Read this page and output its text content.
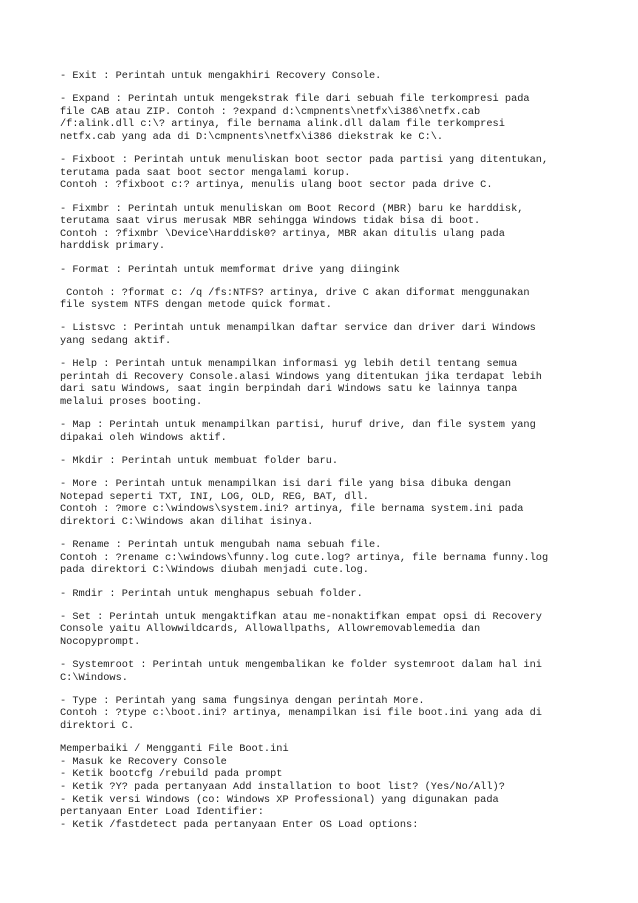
- Exit : Perintah untuk mengakhiri Recovery Console.
- Expand : Perintah untuk mengekstrak file dari sebuah file terkompresi pada
file CAB atau ZIP. Contoh : ?expand d:\cmpnents\netfx\i386\netfx.cab
/f:alink.dll c:\? artinya, file bernama alink.dll dalam file terkompresi
netfx.cab yang ada di D:\cmpnents\netfx\i386 diekstrak ke C:\.
- Fixboot : Perintah untuk menuliskan boot sector pada partisi yang ditentukan,
terutama pada saat boot sector mengalami korup.
Contoh : ?fixboot c:? artinya, menulis ulang boot sector pada drive C.
- Fixmbr : Perintah untuk menuliskan om Boot Record (MBR) baru ke harddisk,
terutama saat virus merusak MBR sehingga Windows tidak bisa di boot.
Contoh : ?fixmbr \Device\Harddisk0? artinya, MBR akan ditulis ulang pada
harddisk primary.
- Format : Perintah untuk memformat drive yang diingink
Contoh : ?format c: /q /fs:NTFS? artinya, drive C akan diformat menggunakan
file system NTFS dengan metode quick format.
- Listsvc : Perintah untuk menampilkan daftar service dan driver dari Windows
yang sedang aktif.
- Help : Perintah untuk menampilkan informasi yg lebih detil tentang semua
perintah di Recovery Console.alasi Windows yang ditentukan jika terdapat lebih
dari satu Windows, saat ingin berpindah dari Windows satu ke lainnya tanpa
melalui proses booting.
- Map : Perintah untuk menampilkan partisi, huruf drive, dan file system yang
dipakai oleh Windows aktif.
- Mkdir : Perintah untuk membuat folder baru.
- More : Perintah untuk menampilkan isi dari file yang bisa dibuka dengan
Notepad seperti TXT, INI, LOG, OLD, REG, BAT, dll.
Contoh : ?more c:\windows\system.ini? artinya, file bernama system.ini pada
direktori C:\Windows akan dilihat isinya.
- Rename : Perintah untuk mengubah nama sebuah file.
Contoh : ?rename c:\windows\funny.log cute.log? artinya, file bernama funny.log
pada direktori C:\Windows diubah menjadi cute.log.
- Rmdir : Perintah untuk menghapus sebuah folder.
- Set : Perintah untuk mengaktifkan atau me-nonaktifkan empat opsi di Recovery
Console yaitu Allowwildcards, Allowallpaths, Allowremovablemedia dan
Nocopyprompt.
- Systemroot : Perintah untuk mengembalikan ke folder systemroot dalam hal ini
C:\Windows.
- Type : Perintah yang sama fungsinya dengan perintah More.
Contoh : ?type c:\boot.ini? artinya, menampilkan isi file boot.ini yang ada di
direktori C.
Memperbaiki / Mengganti File Boot.ini
- Masuk ke Recovery Console
- Ketik bootcfg /rebuild pada prompt
- Ketik ?Y? pada pertanyaan Add installation to boot list? (Yes/No/All)?
- Ketik versi Windows (co: Windows XP Professional) yang digunakan pada
pertanyaan Enter Load Identifier:
- Ketik /fastdetect pada pertanyaan Enter OS Load options:
